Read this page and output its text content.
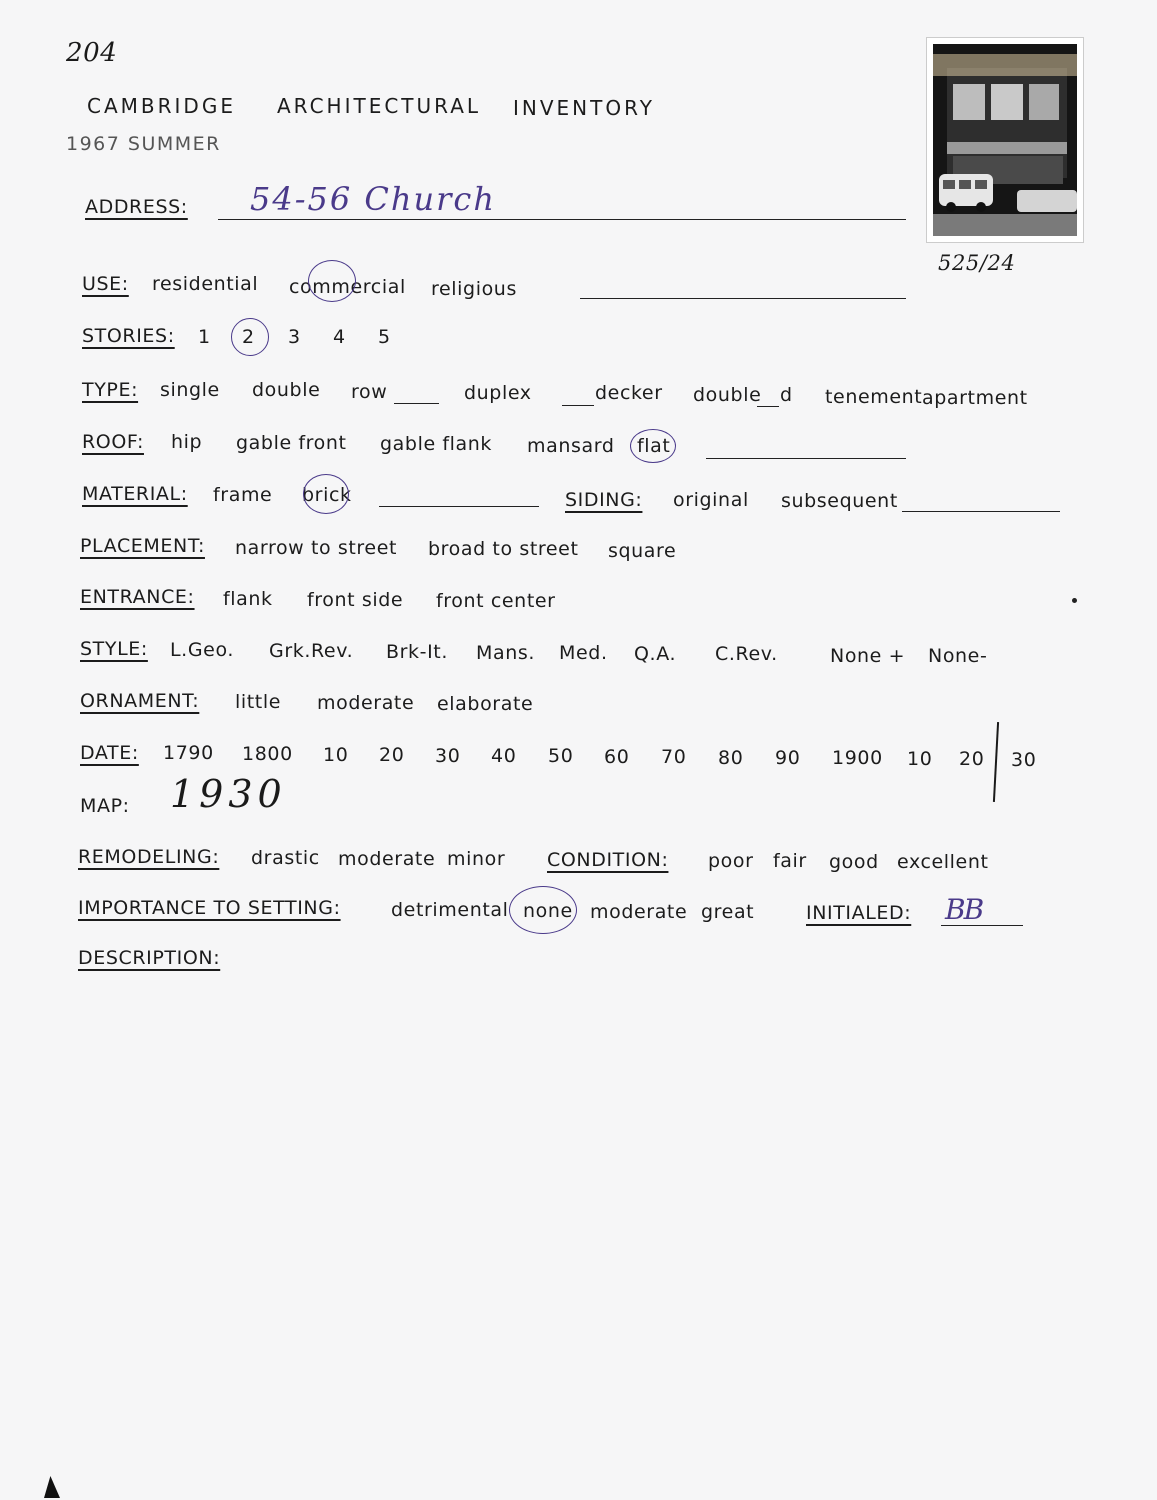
204
CAMBRIDGE ARCHITECTURAL INVENTORY
1967 SUMMER
525/24
ADDRESS: 54-56 Church
USE: residential commercial religious
STORIES: 1 2 3 4 5
TYPE: single double row	duplex	decker double d tenement apartment
ROOF: hip gable front gable flank mansard flat
MATERIAL: frame brick	SIDING: original subsequent
PLACEMENT: narrow to street broad to street square
ENTRANCE: flank front side front center
STYLE: L.Geo. Grk.Rev. Brk-It. Mans. Med. Q.A. C.Rev.	None + None-
ORNAMENT: little moderate elaborate
DATE: 1790 1800 10 20 30 40 50 60 70 80 90 1900 10 20 30
MAP: 1930
REMODELING: drastic moderate minor CONDITION: poor fair good excellent
IMPORTANCE TO SETTING:	detrimental none moderate great	INITIALED: BB
DESCRIPTION:
